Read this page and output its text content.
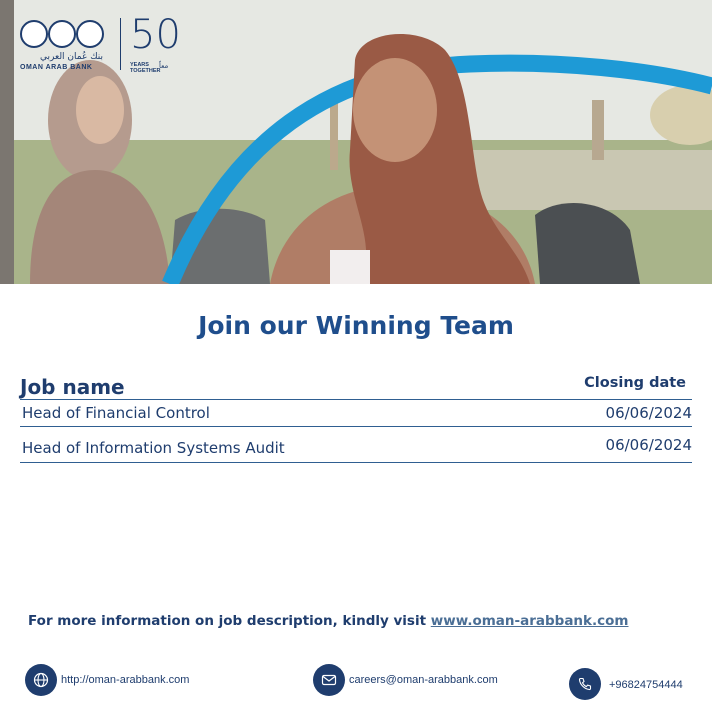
بنك عُمان العربي
OMAN ARAB BANK
50
YEARS TOGETHER
معاً
Join our Winning Team
Job name	Closing date
Head of Financial Control	06/06/2024
Head of Information Systems Audit	06/06/2024
For more information on job description, kindly visit www.oman-arabbank.com
http://oman-arabbank.com	careers@oman-arabbank.com	+96824754444
